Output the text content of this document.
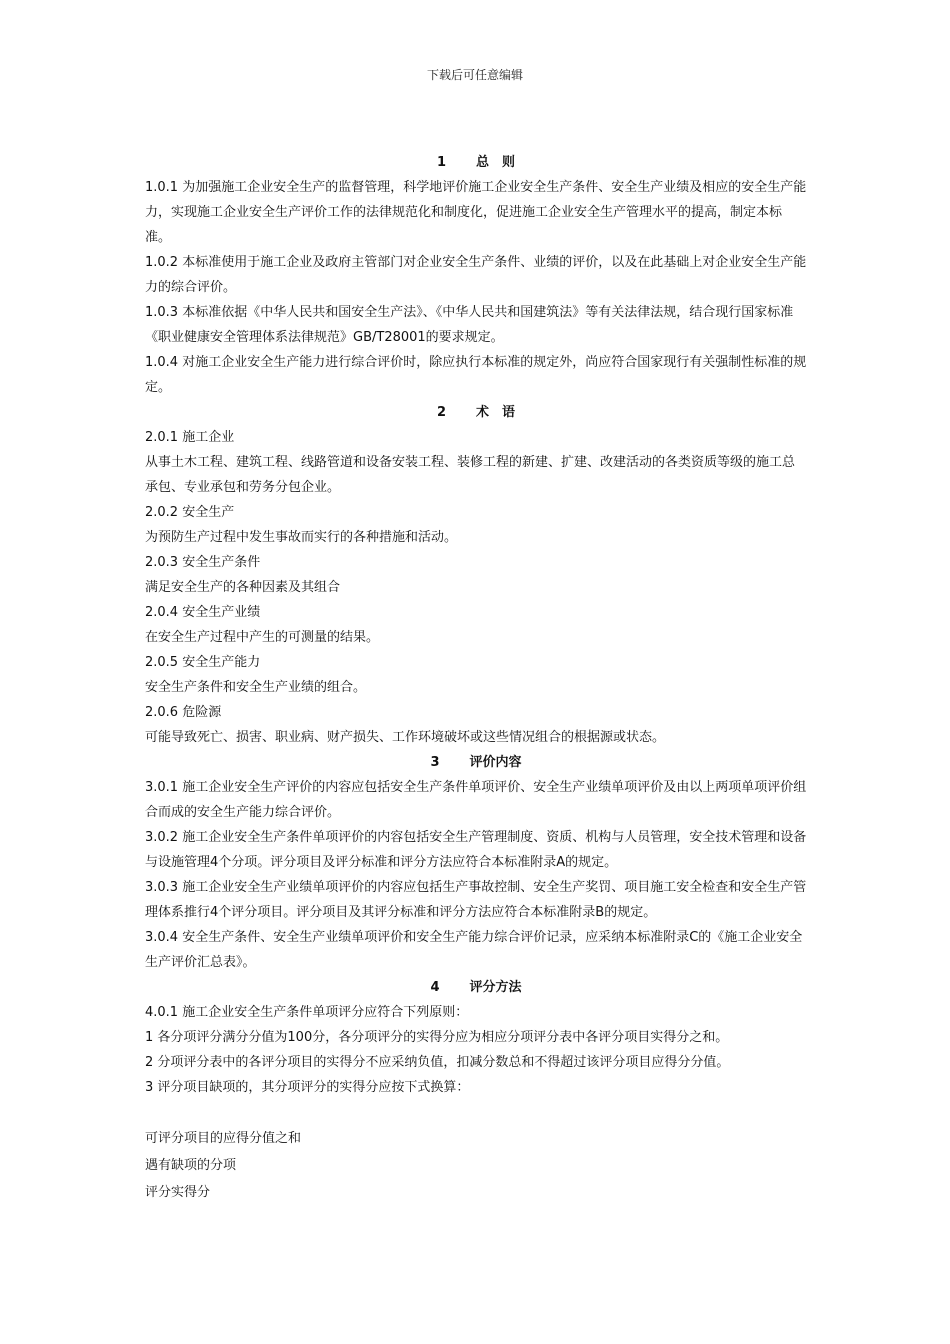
下载后可任意编辑

1 总　则

1.0.1 为加强施工企业安全生产的监督管理，科学地评价施工企业安全生产条件、安全生产业绩及相应的安全生产能力，实现施工企业安全生产评价工作的法律规范化和制度化，促进施工企业安全生产管理水平的提高，制定本标准。

1.0.2 本标准使用于施工企业及政府主管部门对企业安全生产条件、业绩的评价，以及在此基础上对企业安全生产能力的综合评价。

1.0.3 本标准依据《中华人民共和国安全生产法》、《中华人民共和国建筑法》等有关法律法规，结合现行国家标准《职业健康安全管理体系法律规范》GB/T28001的要求规定。

1.0.4 对施工企业安全生产能力进行综合评价时，除应执行本标准的规定外，尚应符合国家现行有关强制性标准的规定。

2 术　语

2.0.1 施工企业

从事土木工程、建筑工程、线路管道和设备安装工程、装修工程的新建、扩建、改建活动的各类资质等级的施工总承包、专业承包和劳务分包企业。

2.0.2 安全生产

为预防生产过程中发生事故而实行的各种措施和活动。

2.0.3 安全生产条件

满足安全生产的各种因素及其组合

2.0.4 安全生产业绩

在安全生产过程中产生的可测量的结果。

2.0.5 安全生产能力

安全生产条件和安全生产业绩的组合。

2.0.6 危险源

可能导致死亡、损害、职业病、财产损失、工作环境破坏或这些情况组合的根据源或状态。

3 评价内容

3.0.1 施工企业安全生产评价的内容应包括安全生产条件单项评价、安全生产业绩单项评价及由以上两项单项评价组合而成的安全生产能力综合评价。

3.0.2 施工企业安全生产条件单项评价的内容包括安全生产管理制度、资质、机构与人员管理，安全技术管理和设备与设施管理4个分项。评分项目及评分标准和评分方法应符合本标准附录A的规定。

3.0.3 施工企业安全生产业绩单项评价的内容应包括生产事故控制、安全生产奖罚、项目施工安全检查和安全生产管理体系推行4个评分项目。评分项目及其评分标准和评分方法应符合本标准附录B的规定。

3.0.4 安全生产条件、安全生产业绩单项评价和安全生产能力综合评价记录，应采纳本标准附录C的《施工企业安全生产评价汇总表》。

4 评分方法

4.0.1 施工企业安全生产条件单项评分应符合下列原则：

1 各分项评分满分分值为100分，各分项评分的实得分应为相应分项评分表中各评分项目实得分之和。

2 分项评分表中的各评分项目的实得分不应采纳负值，扣减分数总和不得超过该评分项目应得分分值。

3 评分项目缺项的，其分项评分的实得分应按下式换算：

可评分项目的应得分值之和

遇有缺项的分项

评分实得分
